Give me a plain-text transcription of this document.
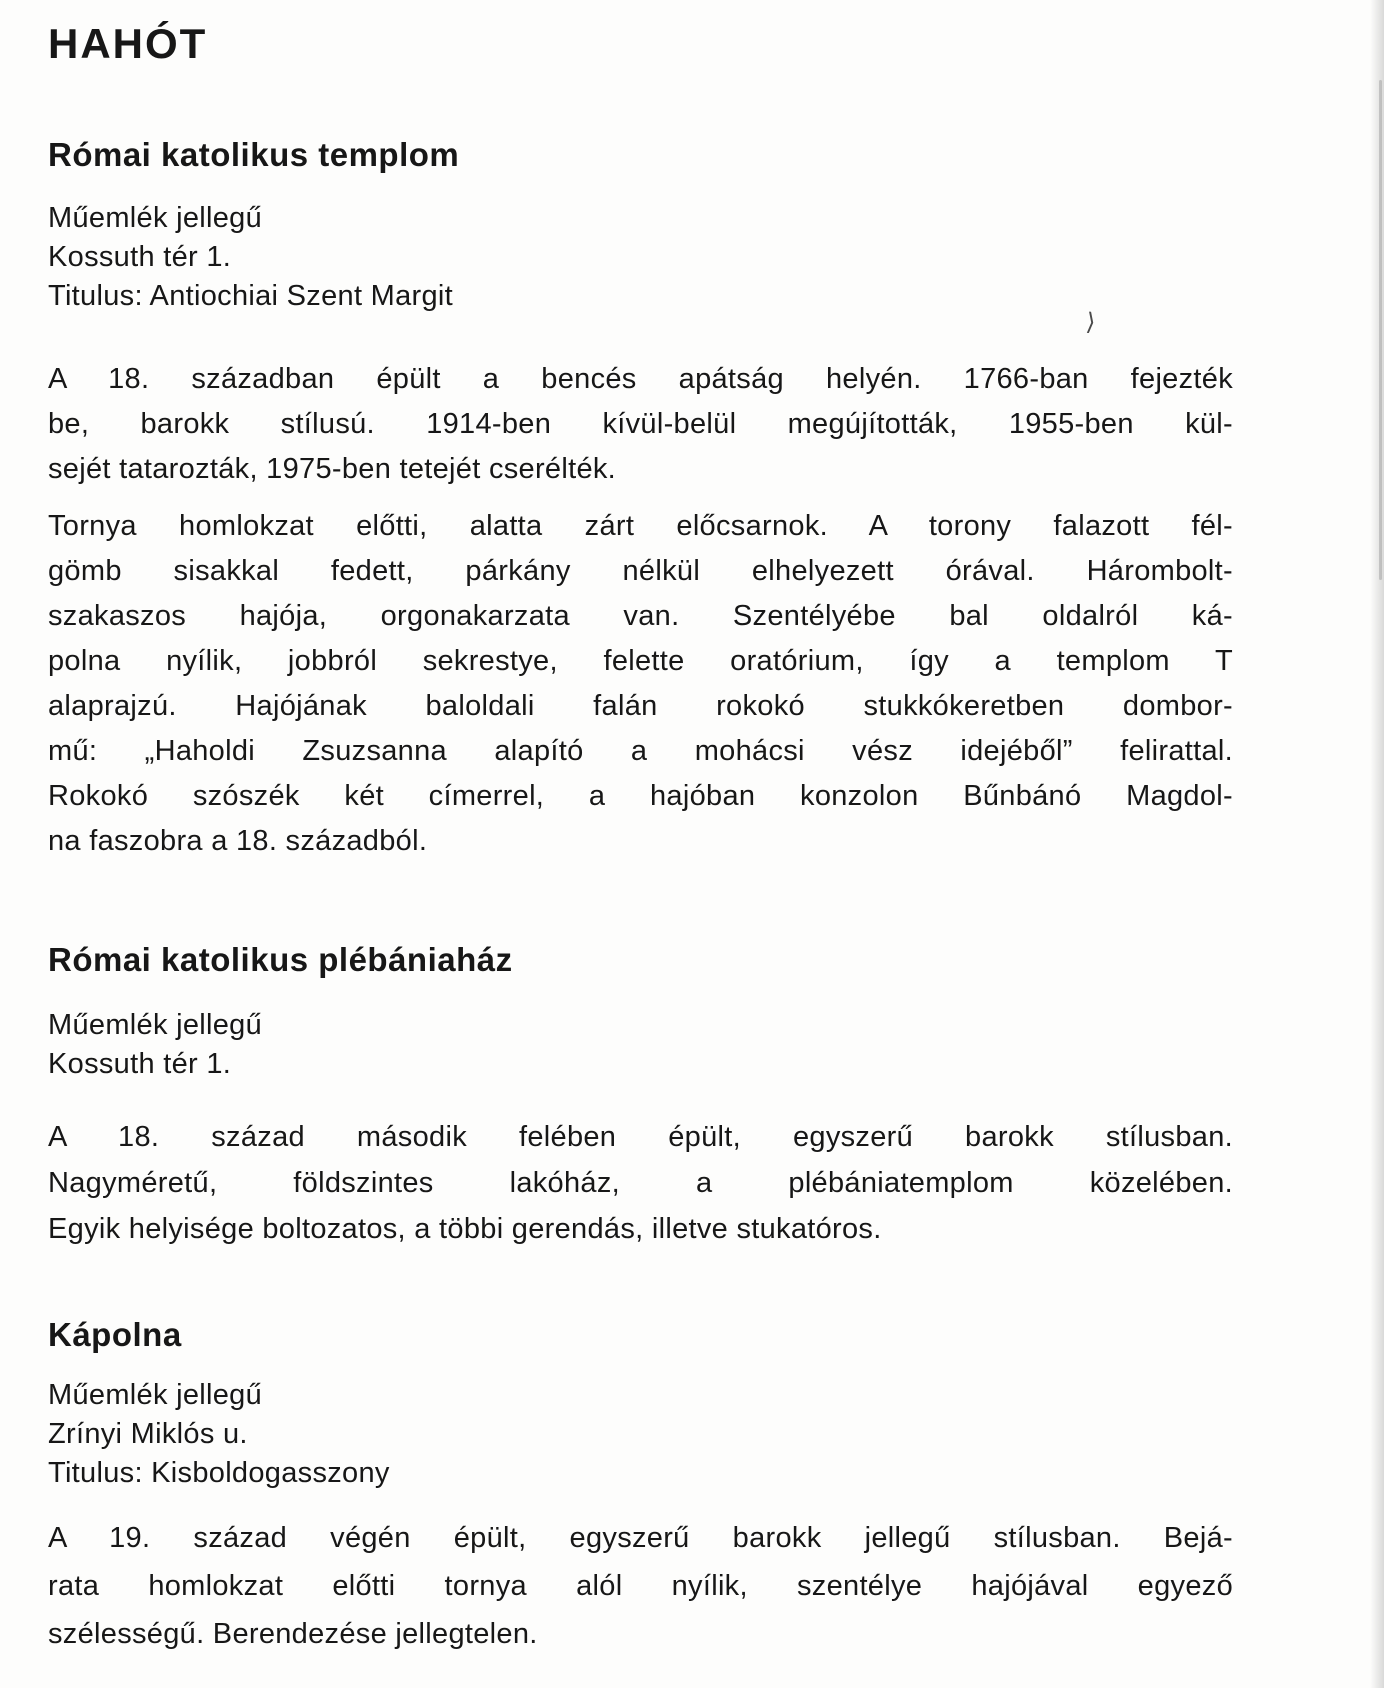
HAHÓT
Római katolikus templom
Műemlék jellegű
Kossuth tér 1.
Titulus: Antiochiai Szent Margit
A 18. században épült a bencés apátság helyén. 1766-ban fejezték
be, barokk stílusú. 1914-ben kívül-belül megújították, 1955-ben kül-
sejét tatarozták, 1975-ben tetejét cserélték.
Tornya homlokzat előtti, alatta zárt előcsarnok. A torony falazott fél-
gömb sisakkal fedett, párkány nélkül elhelyezett órával. Hárombolt-
szakaszos hajója, orgonakarzata van. Szentélyébe bal oldalról ká-
polna nyílik, jobbról sekrestye, felette oratórium, így a templom T
alaprajzú. Hajójának baloldali falán rokokó stukkókeretben dombor-
mű: „Haholdi Zsuzsanna alapító a mohácsi vész idejéből” felirattal.
Rokokó szószék két címerrel, a hajóban konzolon Bűnbánó Magdol-
na faszobra a 18. századból.
Római katolikus plébániaház
Műemlék jellegű
Kossuth tér 1.
A 18. század második felében épült, egyszerű barokk stílusban.
Nagyméretű, földszintes lakóház, a plébániatemplom közelében.
Egyik helyisége boltozatos, a többi gerendás, illetve stukatóros.
Kápolna
Műemlék jellegű
Zrínyi Miklós u.
Titulus: Kisboldogasszony
A 19. század végén épült, egyszerű barokk jellegű stílusban. Bejá-
rata homlokzat előtti tornya alól nyílik, szentélye hajójával egyező
szélességű. Berendezése jellegtelen.
⟩
